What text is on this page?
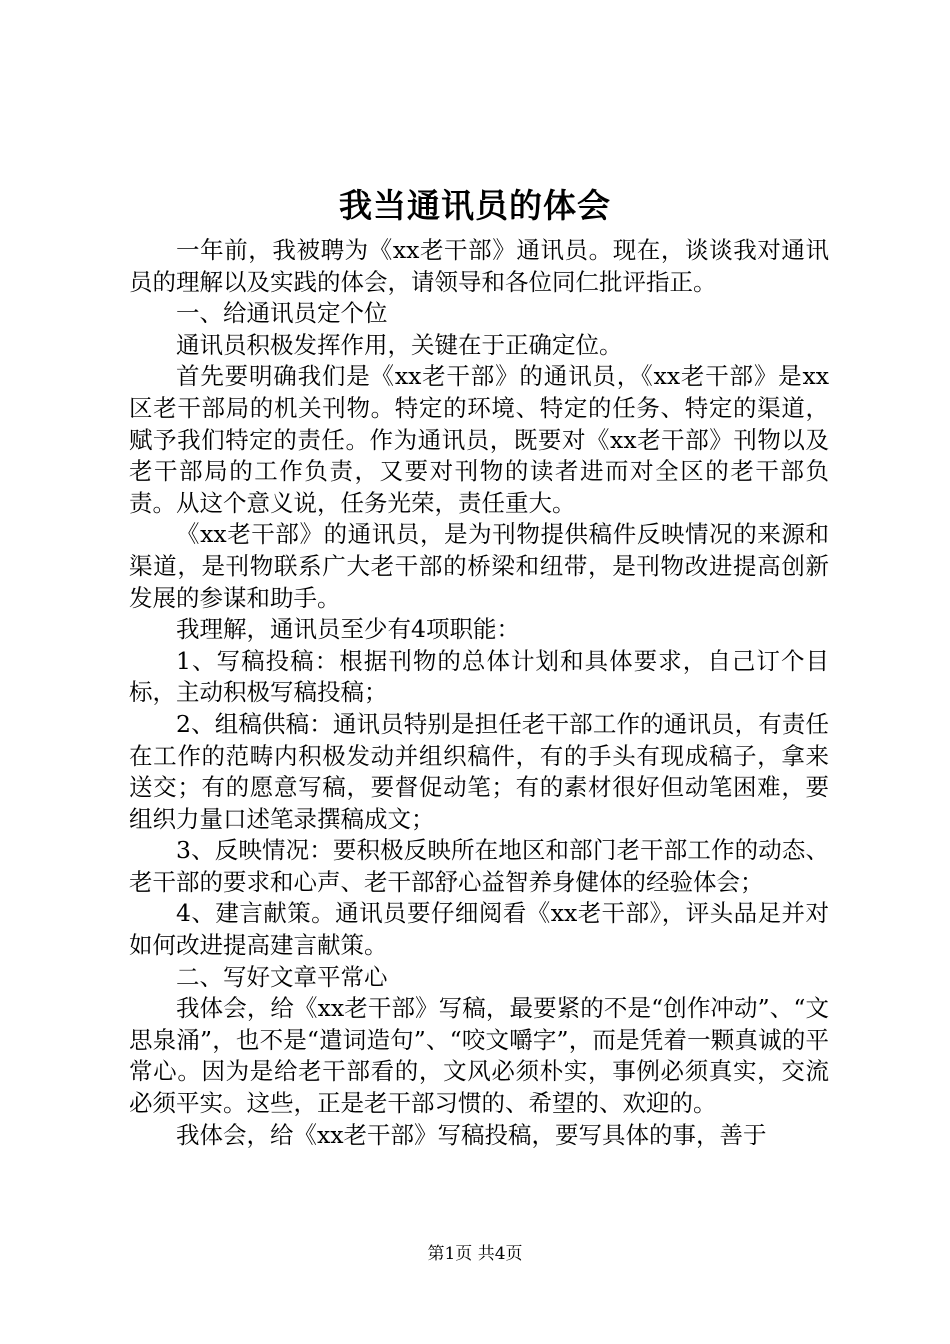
我当通讯员的体会

一年前，我被聘为《xx老干部》通讯员。现在，谈谈我对通讯员的理解以及实践的体会，请领导和各位同仁批评指正。

一、给通讯员定个位

通讯员积极发挥作用，关键在于正确定位。

首先要明确我们是《xx老干部》的通讯员，《xx老干部》是xx区老干部局的机关刊物。特定的环境、特定的任务、特定的渠道，赋予我们特定的责任。作为通讯员，既要对《xx老干部》刊物以及老干部局的工作负责，又要对刊物的读者进而对全区的老干部负责。从这个意义说，任务光荣，责任重大。

《xx老干部》的通讯员，是为刊物提供稿件反映情况的来源和渠道，是刊物联系广大老干部的桥梁和纽带，是刊物改进提高创新发展的参谋和助手。

我理解，通讯员至少有4项职能：

1、写稿投稿：根据刊物的总体计划和具体要求，自己订个目标，主动积极写稿投稿；

2、组稿供稿：通讯员特别是担任老干部工作的通讯员，有责任在工作的范畴内积极发动并组织稿件，有的手头有现成稿子，拿来送交；有的愿意写稿，要督促动笔；有的素材很好但动笔困难，要组织力量口述笔录撰稿成文；

3、反映情况：要积极反映所在地区和部门老干部工作的动态、老干部的要求和心声、老干部舒心益智养身健体的经验体会；

4、建言献策。通讯员要仔细阅看《xx老干部》，评头品足并对如何改进提高建言献策。

二、写好文章平常心

我体会，给《xx老干部》写稿，最要紧的不是“创作冲动”、“文思泉涌”，也不是“遣词造句”、“咬文嚼字”，而是凭着一颗真诚的平常心。因为是给老干部看的，文风必须朴实，事例必须真实，交流必须平实。这些，正是老干部习惯的、希望的、欢迎的。

我体会，给《xx老干部》写稿投稿，要写具体的事，善于

第1页 共4页
